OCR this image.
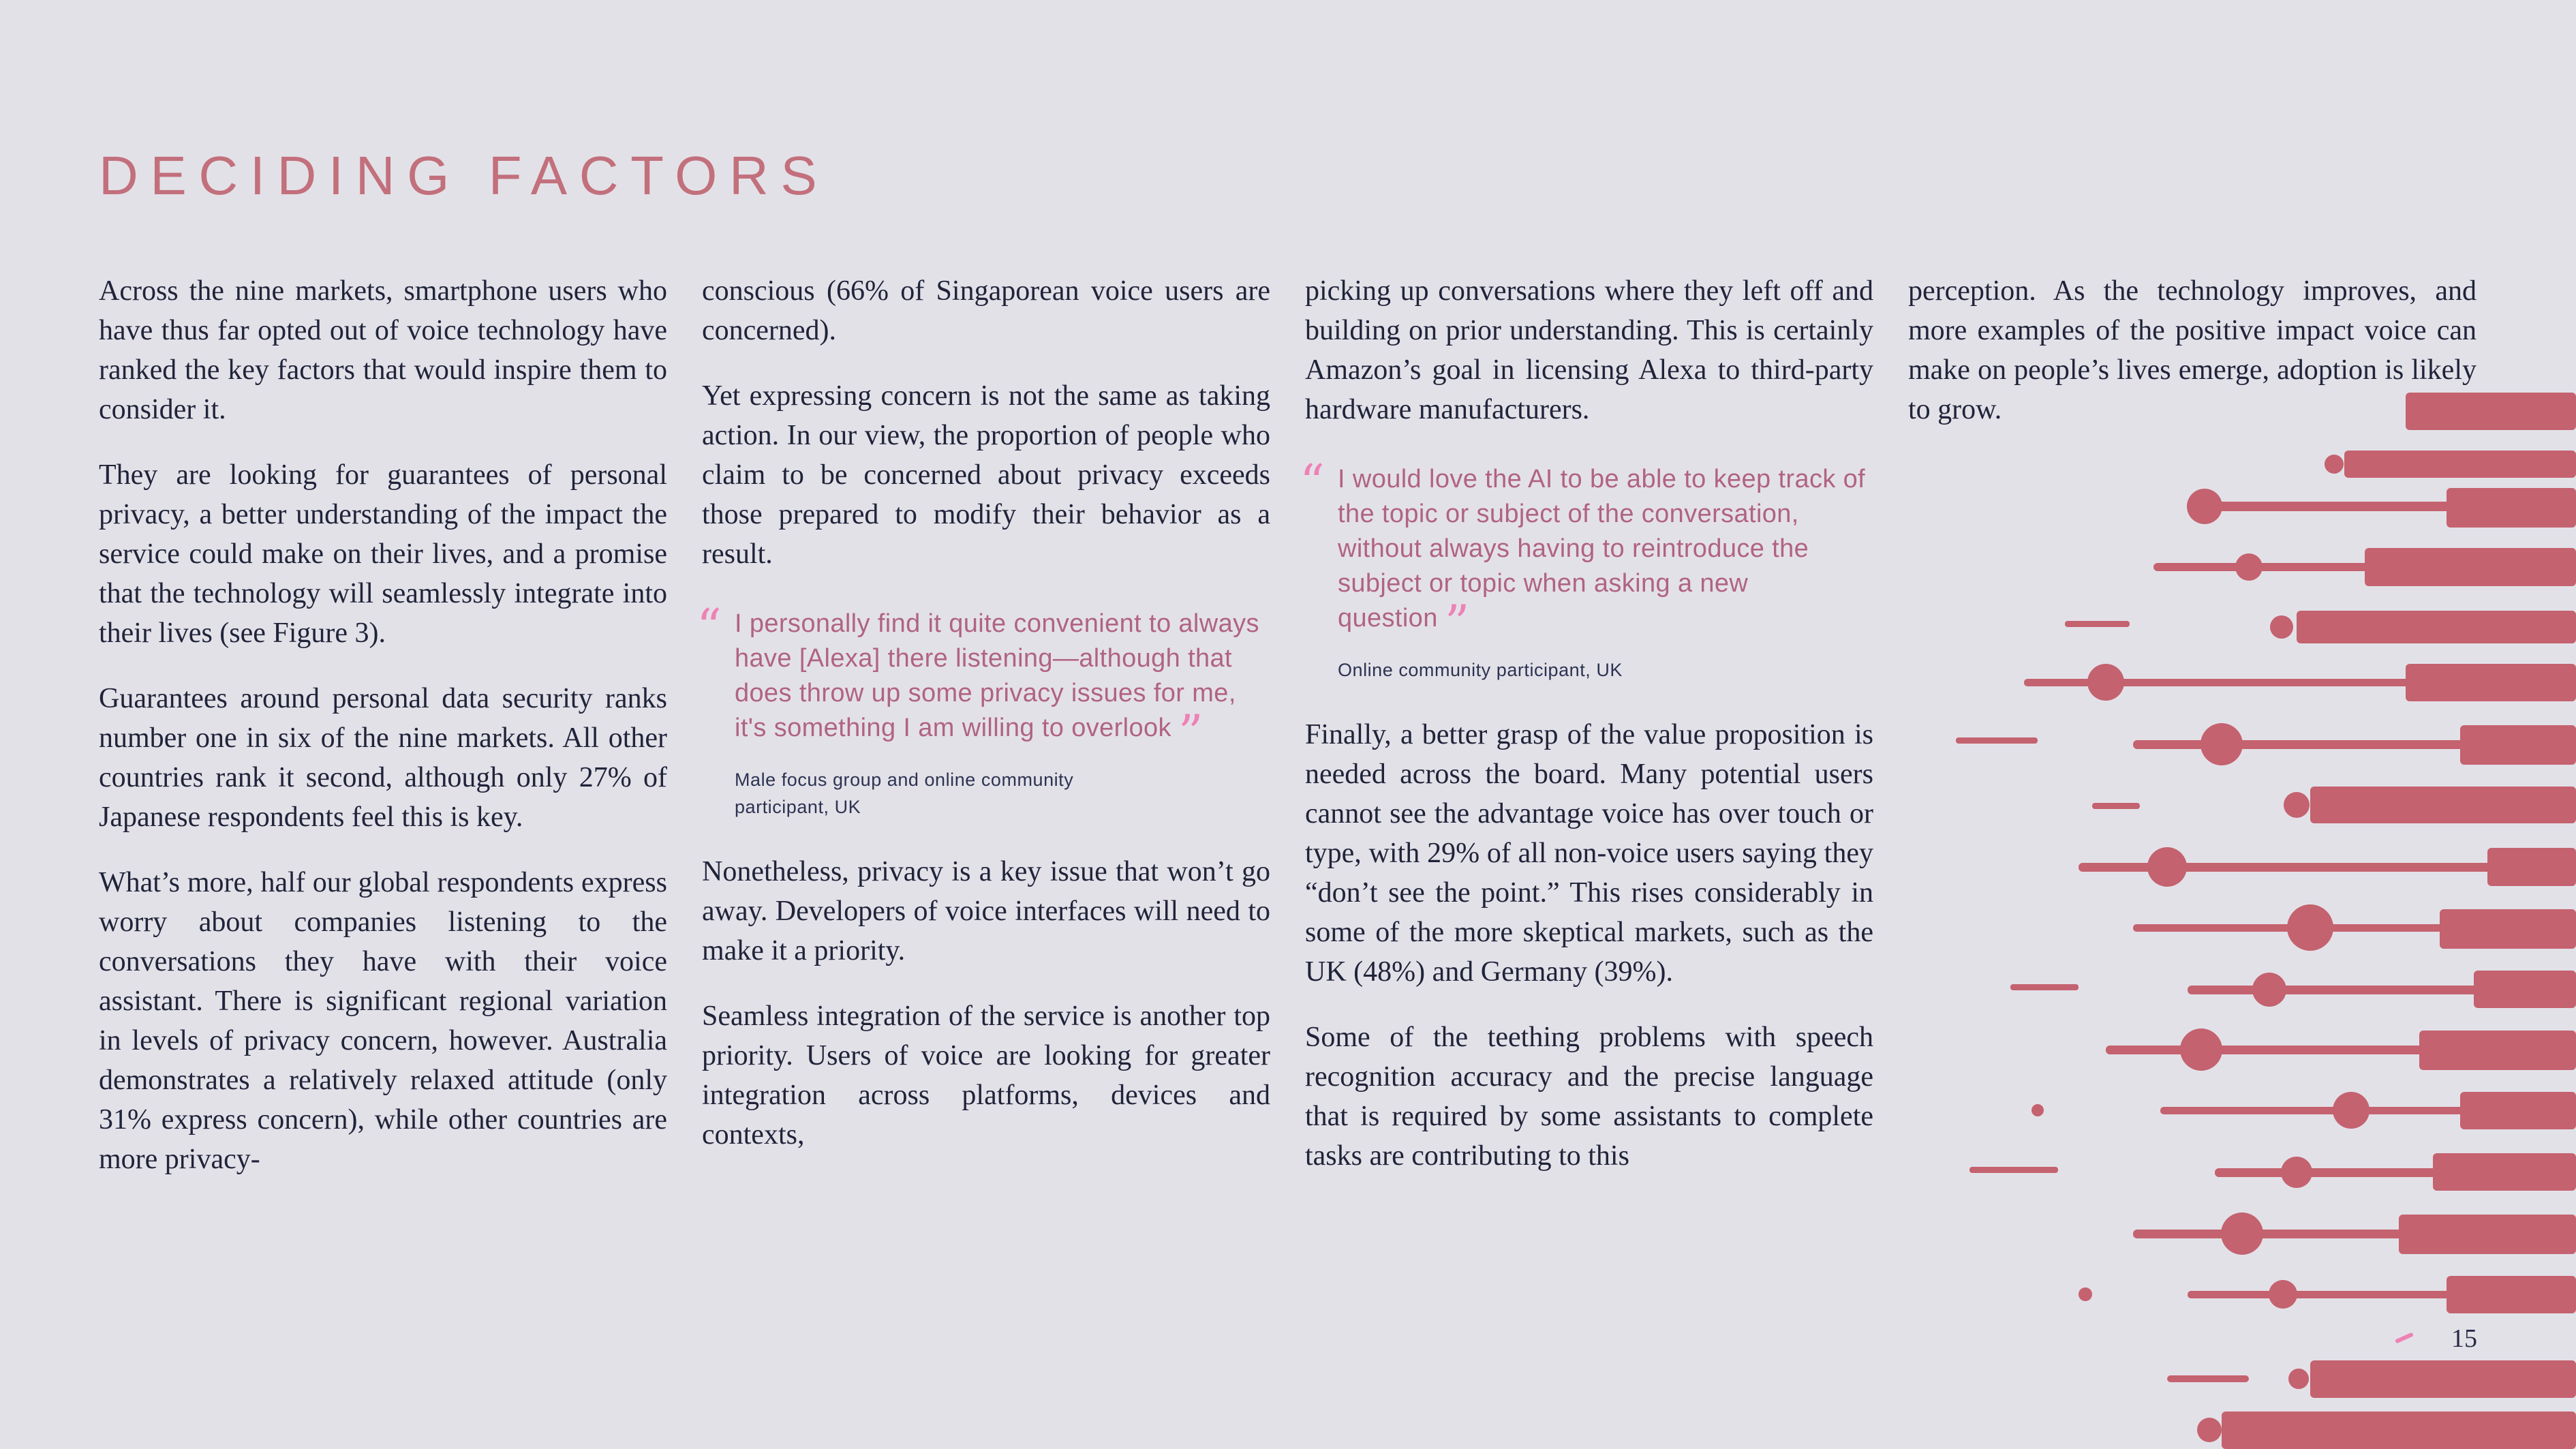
DECIDING FACTORS

Across the nine markets, smartphone users who have thus far opted out of voice technology have ranked the key factors that would inspire them to consider it.

They are looking for guarantees of personal privacy, a better understanding of the impact the service could make on their lives, and a promise that the technology will seamlessly integrate into their lives (see Figure 3).

Guarantees around personal data security ranks number one in six of the nine markets. All other countries rank it second, although only 27% of Japanese respondents feel this is key.

What’s more, half our global respondents express worry about companies listening to the conversations they have with their voice assistant. There is significant regional variation in levels of privacy concern, however. Australia demonstrates a relatively relaxed attitude (only 31% express concern), while other countries are more privacy-

conscious (66% of Singaporean voice users are concerned).

Yet expressing concern is not the same as taking action. In our view, the proportion of people who claim to be concerned about privacy exceeds those prepared to modify their behavior as a result.

“ I personally find it quite convenient to always have [Alexa] there listening—although that does throw up some privacy issues for me, it's something I am willing to overlook ”
Male focus group and online community participant, UK

Nonetheless, privacy is a key issue that won’t go away. Developers of voice interfaces will need to make it a priority.

Seamless integration of the service is another top priority. Users of voice are looking for greater integration across platforms, devices and contexts,

picking up conversations where they left off and building on prior understanding. This is certainly Amazon’s goal in licensing Alexa to third-party hardware manufacturers.

“ I would love the AI to be able to keep track of the topic or subject of the conversation, without always having to reintroduce the subject or topic when asking a new question ”
Online community participant, UK

Finally, a better grasp of the value proposition is needed across the board. Many potential users cannot see the advantage voice has over touch or type, with 29% of all non-voice users saying they “don’t see the point.” This rises considerably in some of the more skeptical markets, such as the UK (48%) and Germany (39%).

Some of the teething problems with speech recognition accuracy and the precise language that is required by some assistants to complete tasks are contributing to this

perception. As the technology improves, and more examples of the positive impact voice can make on people’s lives emerge, adoption is likely to grow.

15
